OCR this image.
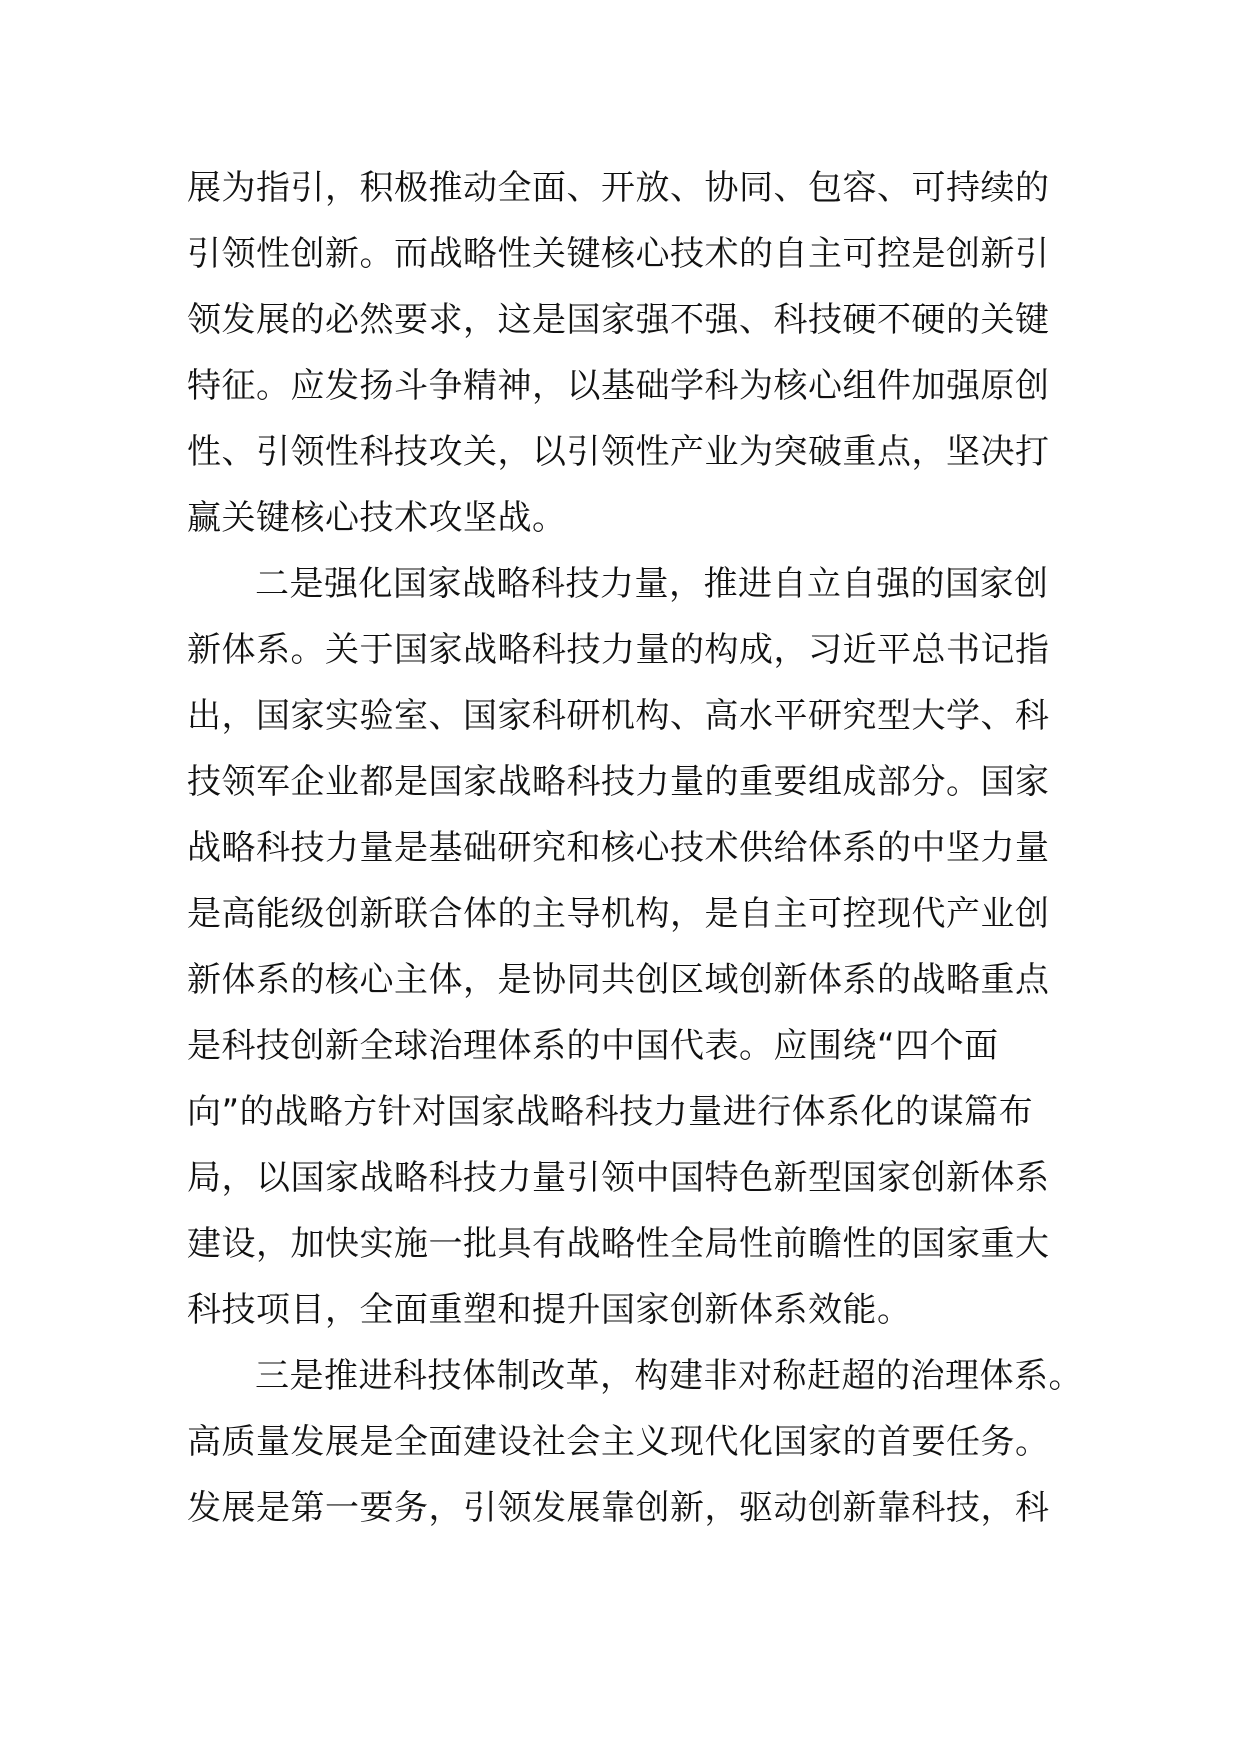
展为指引，积极推动全面、开放、协同、包容、可持续的
引领性创新。而战略性关键核心技术的自主可控是创新引
领发展的必然要求，这是国家强不强、科技硬不硬的关键
特征。应发扬斗争精神，以基础学科为核心组件加强原创
性、引领性科技攻关，以引领性产业为突破重点，坚决打
赢关键核心技术攻坚战。
二是强化国家战略科技力量，推进自立自强的国家创
新体系。关于国家战略科技力量的构成，习近平总书记指
出，国家实验室、国家科研机构、高水平研究型大学、科
技领军企业都是国家战略科技力量的重要组成部分。国家
战略科技力量是基础研究和核心技术供给体系的中坚力量
是高能级创新联合体的主导机构，是自主可控现代产业创
新体系的核心主体，是协同共创区域创新体系的战略重点
是科技创新全球治理体系的中国代表。应围绕“四个面
向”的战略方针对国家战略科技力量进行体系化的谋篇布
局，以国家战略科技力量引领中国特色新型国家创新体系
建设，加快实施一批具有战略性全局性前瞻性的国家重大
科技项目，全面重塑和提升国家创新体系效能。
三是推进科技体制改革，构建非对称赶超的治理体系。
高质量发展是全面建设社会主义现代化国家的首要任务。
发展是第一要务，引领发展靠创新，驱动创新靠科技，科
